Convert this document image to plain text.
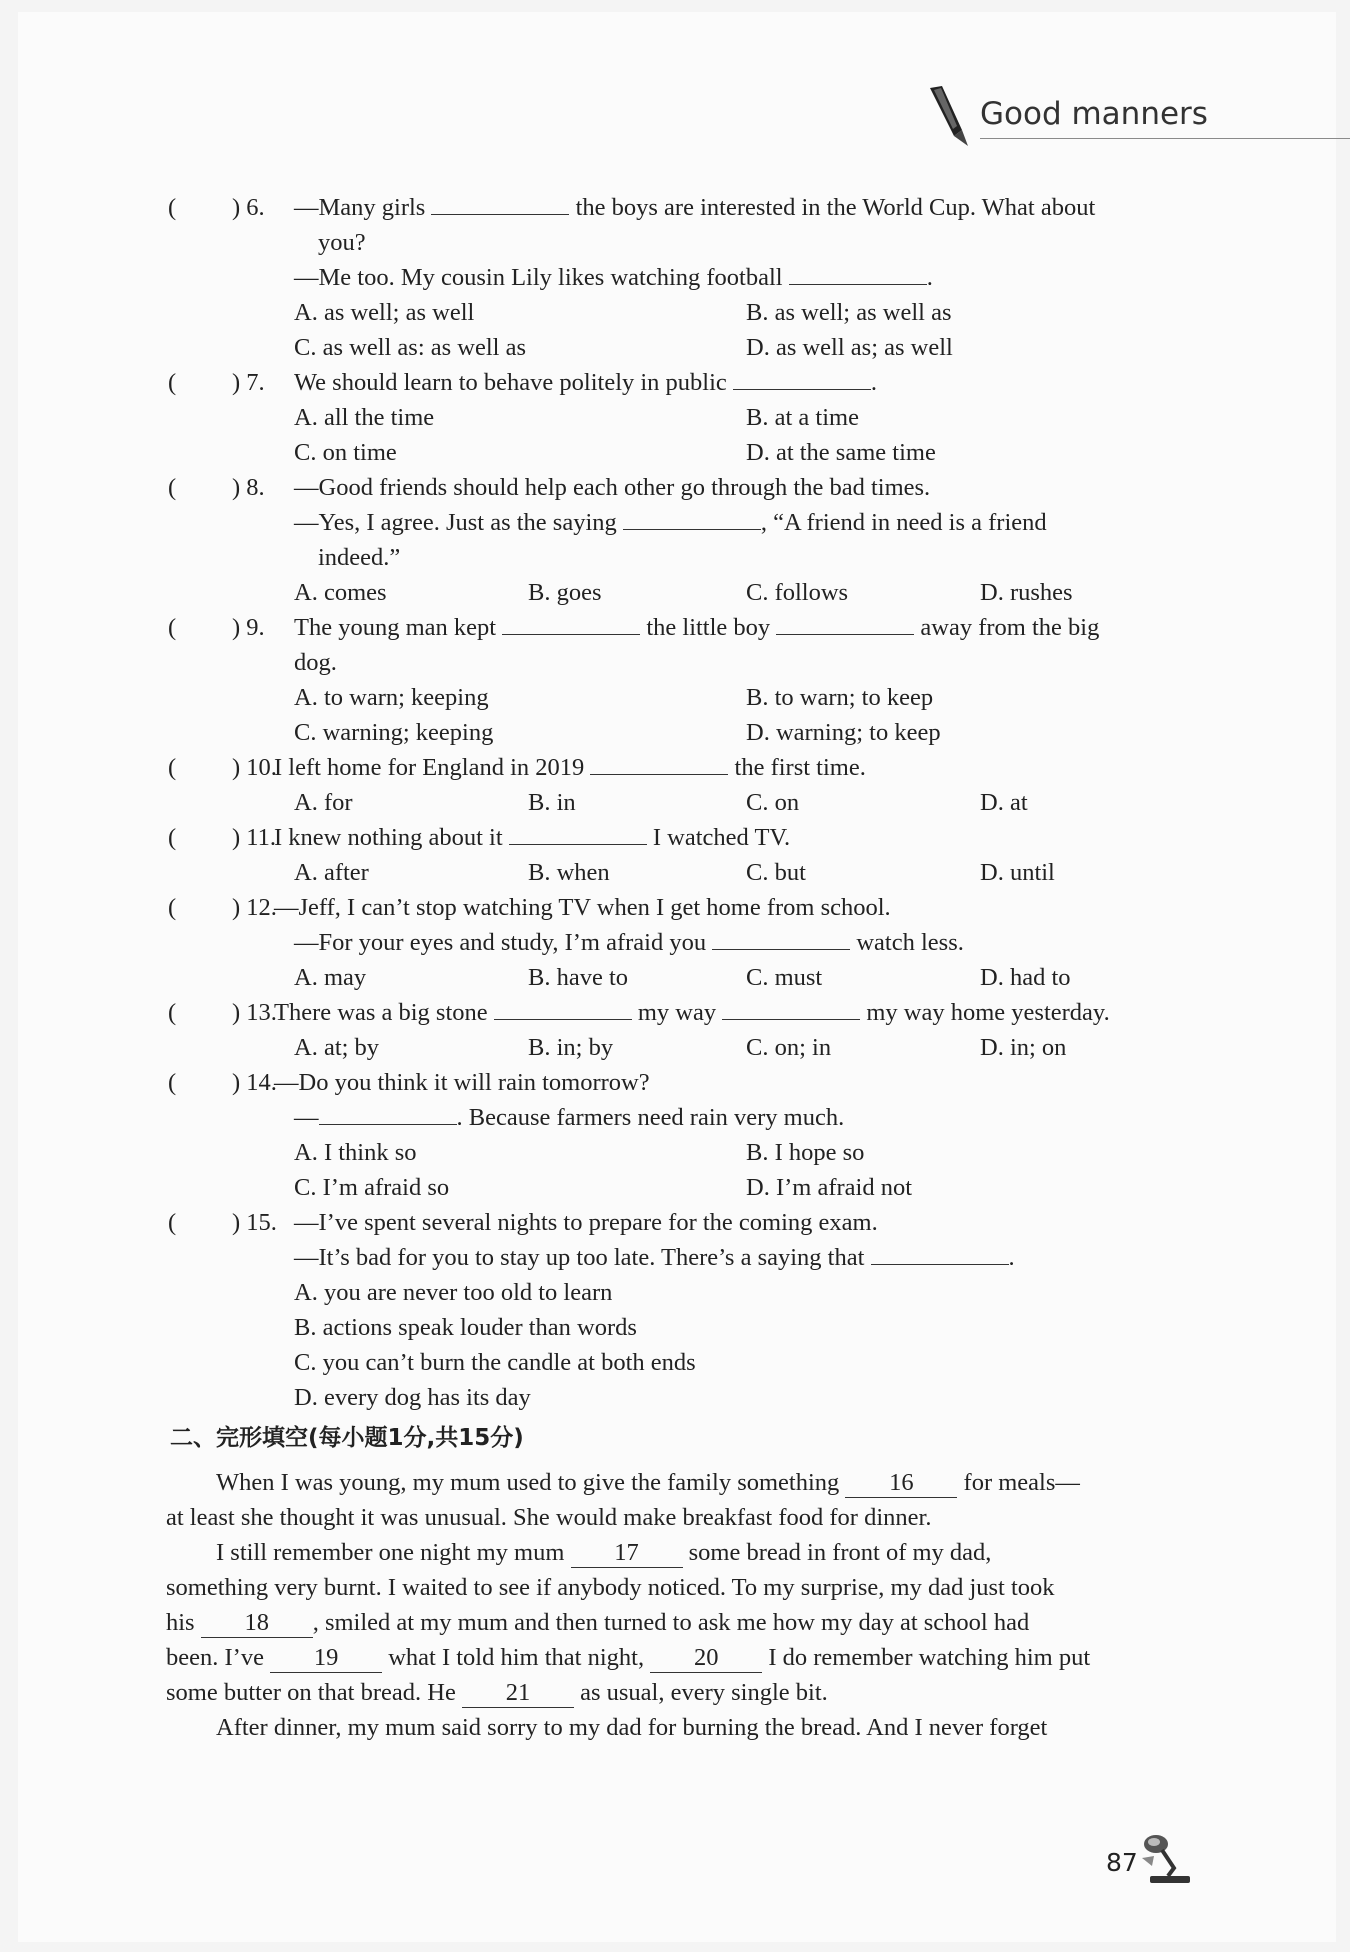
Good manners
( ) 6. —Many girls	the boys are interested in the World Cup. What about
you?
—Me too. My cousin Lily likes watching football	.
A. as well; as well	B. as well; as well as
C. as well as: as well as	D. as well as; as well
( ) 7. We should learn to behave politely in public	.
A. all the time	B. at a time
C. on time	D. at the same time
( ) 8. —Good friends should help each other go through the bad times.
—Yes, I agree. Just as the saying	, “A friend in need is a friend
indeed.”
A. comes	B. goes	C. follows	D. rushes
( ) 9. The young man kept	the little boy	away from the big
dog.
A. to warn; keeping	B. to warn; to keep
C. warning; keeping	D. warning; to keep
( ) 10.
I left home for England in 2019	the first time.
A. for	B. in	C. on	D. at
( ) 11.
I knew nothing about it	I watched TV.
A. after	B. when	C. but	D. until
( ) 12.
—Jeff, I can’t stop watching TV when I get home from school.
—For your eyes and study, I’m afraid you	watch less.
A. may	B. have to	C. must	D. had to
( ) 13.
There was a big stone	my way	my way home yesterday.
A. at; by	B. in; by	C. on; in	D. in; on
( ) 14.
—Do you think it will rain tomorrow?
—	. Because farmers need rain very much.
A. I think so	B. I hope so
C. I’m afraid so	D. I’m afraid not
( ) 15. —I’ve spent several nights to prepare for the coming exam.
—It’s bad for you to stay up too late. There’s a saying that	.
A. you are never too old to learn
B. actions speak louder than words
C. you can’t burn the candle at both ends
D. every dog has its day
二、完形填空(每小题1分,共15分)
When I was young, my mum used to give the family something 16 for meals—
at least she thought it was unusual. She would make breakfast food for dinner.
I still remember one night my mum 17 some bread in front of my dad,
something very burnt. I waited to see if anybody noticed. To my surprise, my dad just took
his 18 , smiled at my mum and then turned to ask me how my day at school had
been. I’ve 19 what I told him that night, 20 I do remember watching him put
some butter on that bread. He 21 as usual, every single bit.
After dinner, my mum said sorry to my dad for burning the bread. And I never forget
87
